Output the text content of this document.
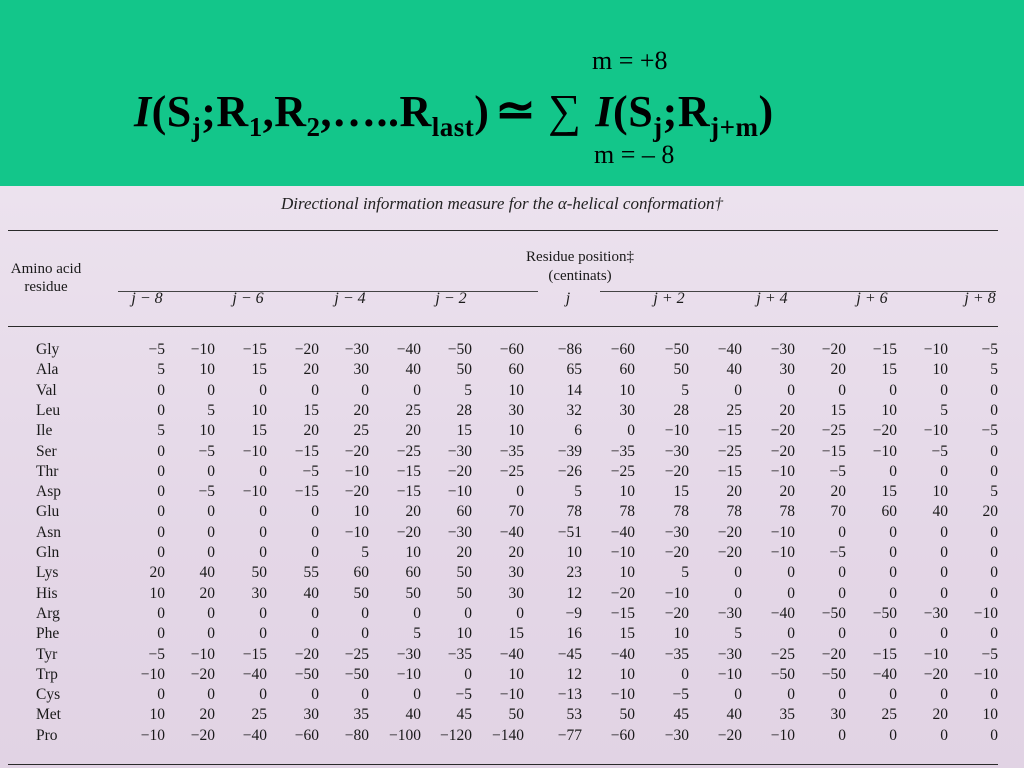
m = +8
$I(S_j;R_1,R_2,\dots..R_{last})$ ≃ ∑ $I(S_j;R_{j+m})$
m = – 8
Directional information measure for the α-helical conformation†
Amino acid
residue
Residue position‡
(centinats)
j − 8	j − 6	j − 4	j − 2	j	j + 2	j + 4	j + 6	j + 8
Gly	−5	−10	−15	−20	−30	−40	−50	−60	−86	−60	−50	−40	−30	−20	−15	−10	−5
Ala	5	10	15	20	30	40	50	60	65	60	50	40	30	20	15	10	5
Val	0	0	0	0	0	0	5	10	14	10	5	0	0	0	0	0	0
Leu	0	5	10	15	20	25	28	30	32	30	28	25	20	15	10	5	0
Ile	5	10	15	20	25	20	15	10	6	0	−10	−15	−20	−25	−20	−10	−5
Ser	0	−5	−10	−15	−20	−25	−30	−35	−39	−35	−30	−25	−20	−15	−10	−5	0
Thr	0	0	0	−5	−10	−15	−20	−25	−26	−25	−20	−15	−10	−5	0	0	0
Asp	0	−5	−10	−15	−20	−15	−10	0	5	10	15	20	20	20	15	10	5
Glu	0	0	0	0	10	20	60	70	78	78	78	78	78	70	60	40	20
Asn	0	0	0	0	−10	−20	−30	−40	−51	−40	−30	−20	−10	0	0	0	0
Gln	0	0	0	0	5	10	20	20	10	−10	−20	−20	−10	−5	0	0	0
Lys	20	40	50	55	60	60	50	30	23	10	5	0	0	0	0	0	0
His	10	20	30	40	50	50	50	30	12	−20	−10	0	0	0	0	0	0
Arg	0	0	0	0	0	0	0	0	−9	−15	−20	−30	−40	−50	−50	−30	−10
Phe	0	0	0	0	0	5	10	15	16	15	10	5	0	0	0	0	0
Tyr	−5	−10	−15	−20	−25	−30	−35	−40	−45	−40	−35	−30	−25	−20	−15	−10	−5
Trp	−10	−20	−40	−50	−50	−10	0	10	12	10	0	−10	−50	−50	−40	−20	−10
Cys	0	0	0	0	0	0	−5	−10	−13	−10	−5	0	0	0	0	0	0
Met	10	20	25	30	35	40	45	50	53	50	45	40	35	30	25	20	10
Pro	−10	−20	−40	−60	−80	−100	−120	−140	−77	−60	−30	−20	−10	0	0	0	0
